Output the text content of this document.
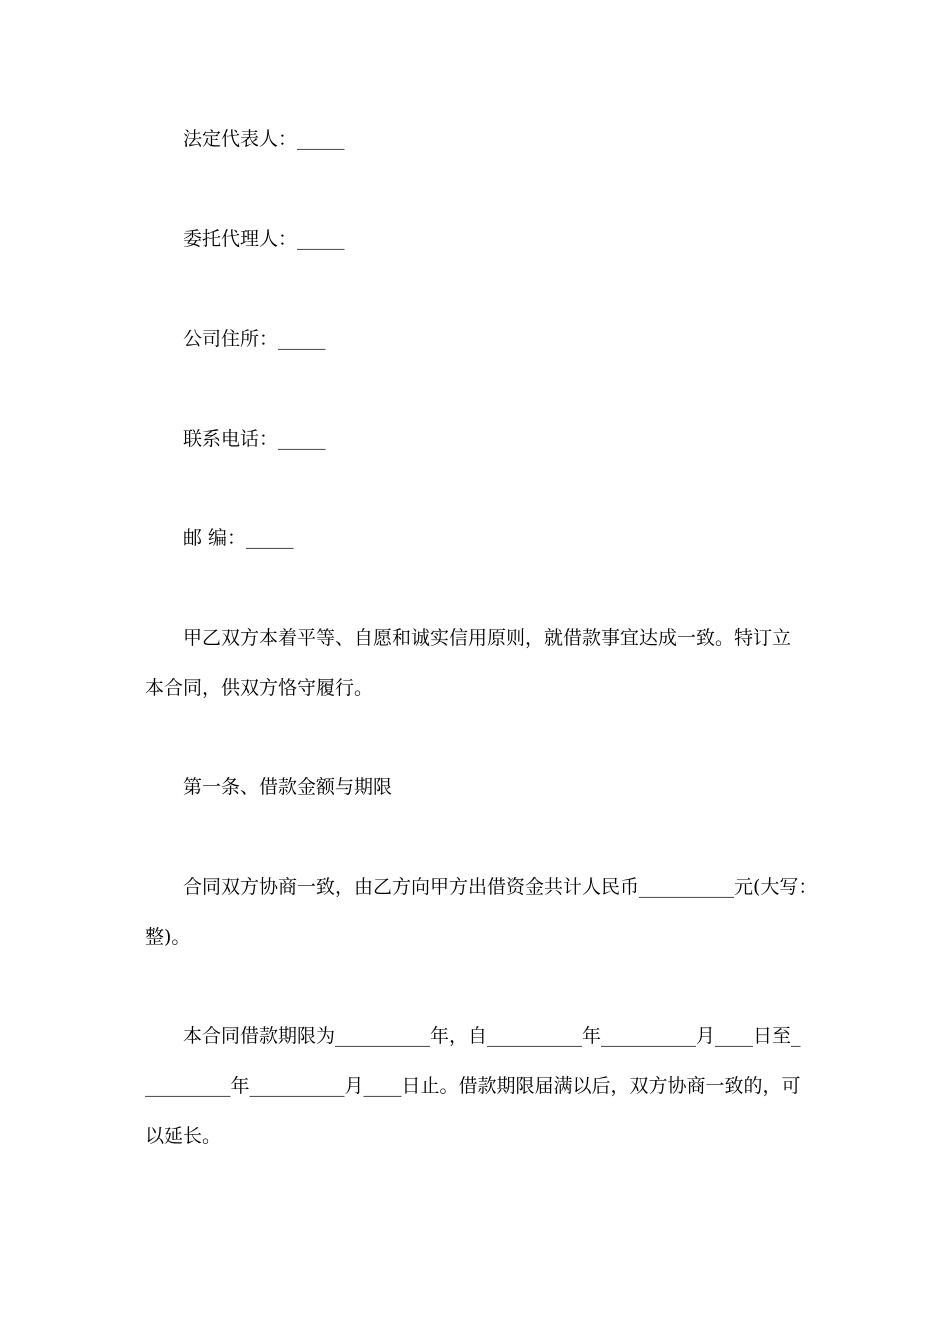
法定代表人：_____
委托代理人：_____
公司住所：_____
联系电话：_____
邮 编：_____
甲乙双方本着平等、自愿和诚实信用原则，就借款事宜达成一致。特订立
本合同，供双方恪守履行。
第一条、借款金额与期限
合同双方协商一致，由乙方向甲方出借资金共计人民币__________元(大写：
整)。
本合同借款期限为__________年，自__________年__________月____日至_
_________年__________月____日止。借款期限届满以后，双方协商一致的，可
以延长。
